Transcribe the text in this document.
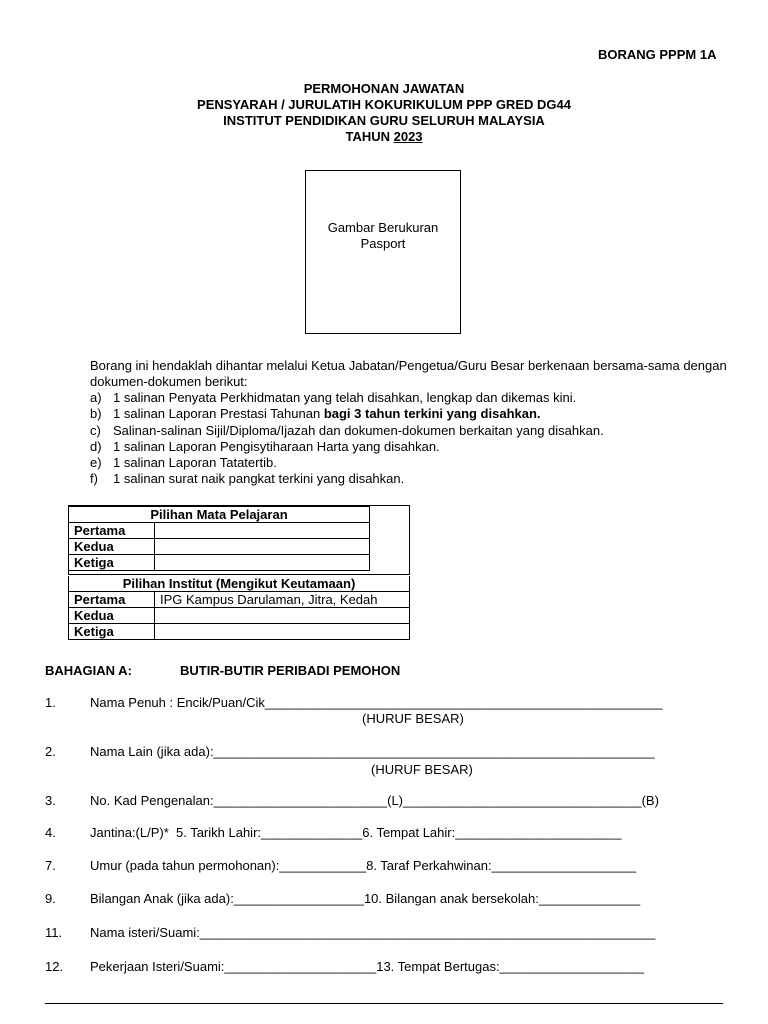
BORANG PPPM 1A
PERMOHONAN JAWATAN
PENSYARAH / JURULATIH KOKURIKULUM PPP GRED DG44
INSTITUT PENDIDIKAN GURU SELURUH MALAYSIA
TAHUN 2023
Gambar Berukuran
Pasport
Borang ini hendaklah dihantar melalui Ketua Jabatan/Pengetua/Guru Besar berkenaan bersama-sama dengan dokumen-dokumen berikut:
a) 1 salinan Penyata Perkhidmatan yang telah disahkan, lengkap dan dikemas kini.
b) 1 salinan Laporan Prestasi Tahunan bagi 3 tahun terkini yang disahkan.
c) Salinan-salinan Sijil/Diploma/Ijazah dan dokumen-dokumen berkaitan yang disahkan.
d) 1 salinan Laporan Pengisytiharaan Harta yang disahkan.
e) 1 salinan Laporan Tatatertib.
f)	1 salinan surat naik pangkat terkini yang disahkan.
Pilihan Mata Pelajaran	
Pertama	
Kedua	
Ketiga	
Pilihan Institut (Mengikut Keutamaan)	
Pertama	IPG Kampus Darulaman, Jitra, Kedah
Kedua	
Ketiga	
BAHAGIAN A:	BUTIR-BUTIR PERIBADI PEMOHON
1.	Nama Penuh : Encik/Puan/Cik_______________________________________________________
(HURUF BESAR)
2.	Nama Lain (jika ada):_____________________________________________________________
(HURUF BESAR)
3.	No. Kad Pengenalan:________________________(L)_________________________________(B)
4.	Jantina:(L/P)*  5. Tarikh Lahir:______________6. Tempat Lahir:_______________________
7.	Umur (pada tahun permohonan):____________8. Taraf Perkahwinan:____________________
9.	Bilangan Anak (jika ada):__________________10. Bilangan anak bersekolah:______________
11. Nama isteri/Suami:_______________________________________________________________
12. Pekerjaan Isteri/Suami:_____________________13. Tempat Bertugas:____________________
